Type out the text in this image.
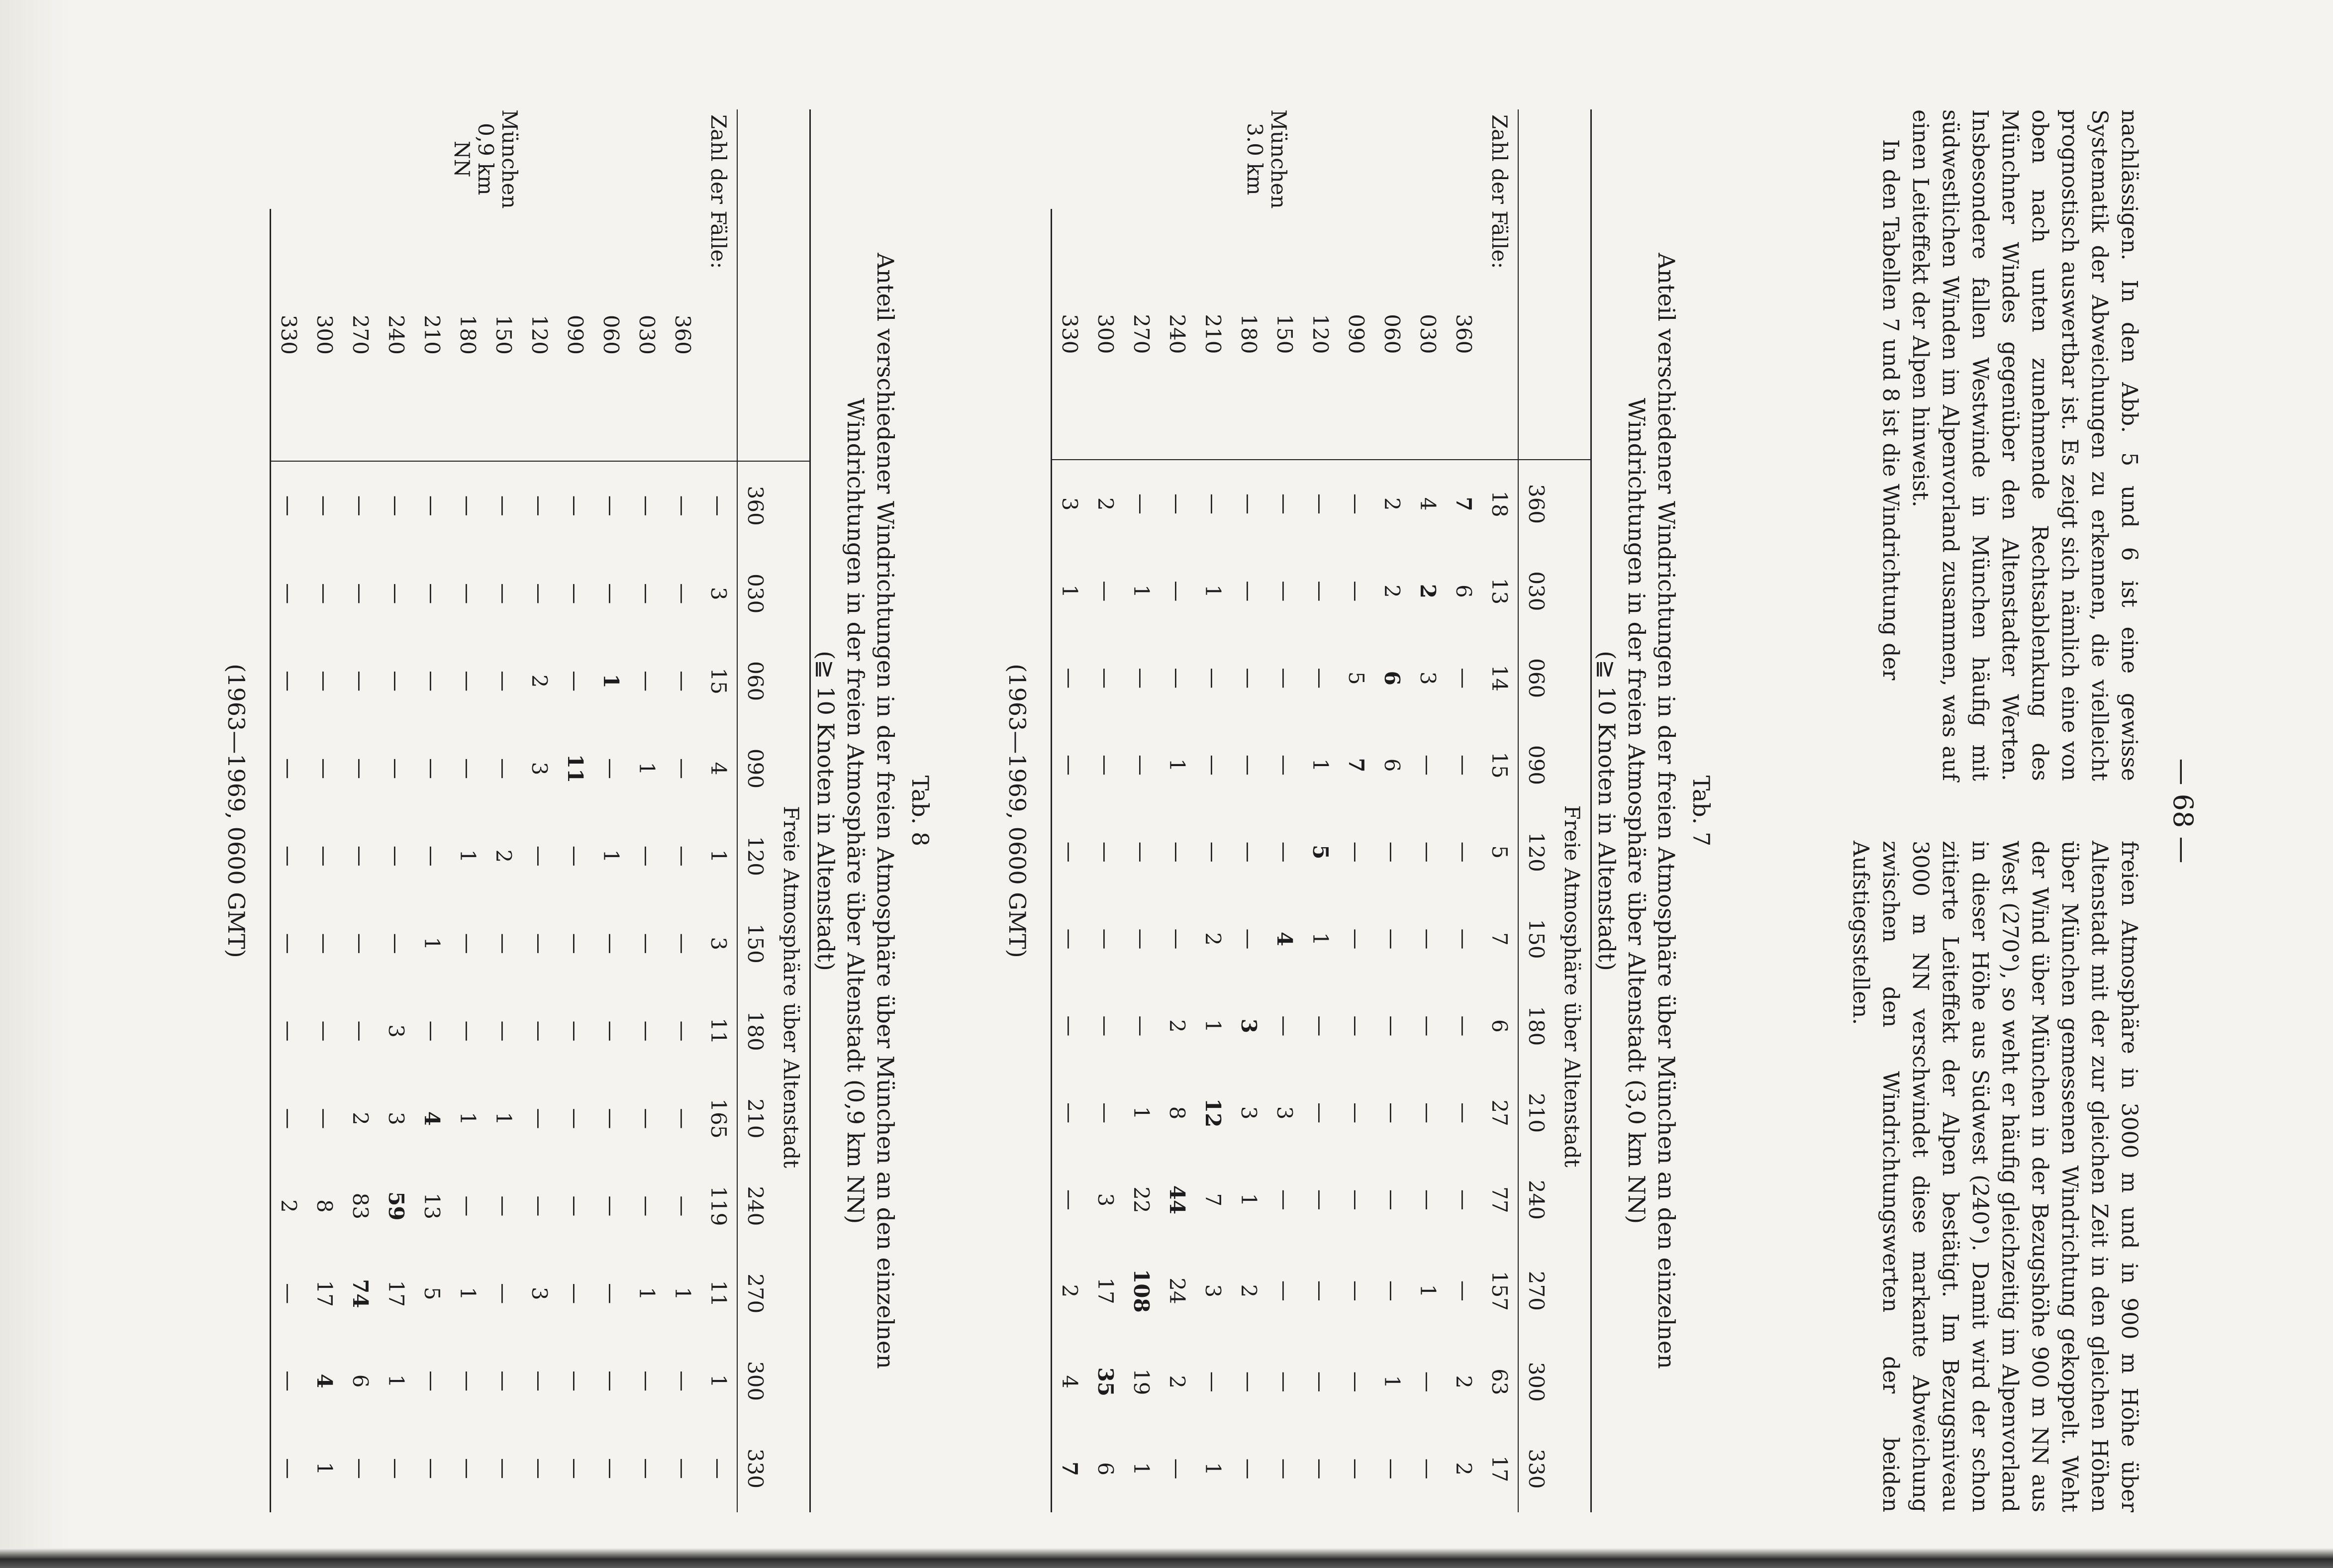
— 68 —

nachlässigen. In den Abb. 5 und 6 ist eine gewisse Systematik der Abweichungen zu erkennen, die vielleicht prognostisch auswertbar ist. Es zeigt sich nämlich eine von oben nach unten zunehmende Rechtsablenkung des Münchner Windes gegenüber den Altenstadter Werten. Insbesondere fallen Westwinde in München häufig mit südwestlichen Winden im Alpenvorland zusammen, was auf einen Leiteffekt der Alpen hinweist.

In den Tabellen 7 und 8 ist die Windrichtung der

freien Atmosphäre in 3000 m und in 900 m Höhe über Altenstadt mit der zur gleichen Zeit in den gleichen Höhen über München gemessenen Windrichtung gekoppelt. Weht der Wind über München in der Bezugshöhe 900 m NN aus West (270°), so weht er häufig gleichzeitig im Alpenvorland in dieser Höhe aus Südwest (240°). Damit wird der schon zitierte Leiteffekt der Alpen bestätigt. Im Bezugsniveau 3000 m NN verschwindet diese markante Abweichung zwischen den Windrichtungswerten der beiden Aufstiegsstellen.

Tab. 7
Anteil verschiedener Windrichtungen in der freien Atmosphäre über München an den einzelnen
Windrichtungen in der freien Atmosphäre über Altenstadt (3,0 km NN)
(≧ 10 Knoten in Altenstadt)
		Freie Atmosphäre über Altenstadt											
		360	030	060	090	120	150	180	210	240	270	300	330
Zahl der Fälle:		18	13	14	15	5	7	6	27	77	157	63	17

München
3.0 km	360	7	6	—	—	—	—	—	—	—	—	2	2
	030	4	2	3	—	—	—	—	—	—	1	—	—
	060	2	2	6	6	—	—	—	—	—	—	1	—
	090	—	—	5	7	—	—	—	—	—	—	—	—
	120	—	—	—	1	5	1	—	—	—	—	—	—
	150	—	—	—	—	—	4	—	3	—	—	—	—
	180	—	—	—	—	—	—	3	3	1	2	—	—
	210	—	1	—	—	—	2	1	12	7	3	—	1
	240	—	—	—	1	—	—	2	8	44	24	2	—
	270	—	1	—	—	—	—	—	1	22	108	19	1
	300	2	—	—	—	—	—	—	—	3	17	35	6
	330	3	1	—	—	—	—	—	—	—	2	4	7
(1963—1969, 0600 GMT)
Tab. 8
Anteil verschiedener Windrichtungen in der freien Atmosphäre über München an den einzelnen
Windrichtungen in der freien Atmosphäre über Altenstadt (0,9 km NN)
(≧ 10 Knoten in Altenstadt)
		Freie Atmosphäre über Altenstadt											
		360	030	060	090	120	150	180	210	240	270	300	330
Zahl der Fälle:		—	3	15	4	1	3	11	165	119	11	1	—

München
0,9 km NN	360	—	—	—	—	—	—	—	—	—	1	—	—
	030	—	—	—	1	—	—	—	—	—	1	—	—
	060	—	—	1	—	1	—	—	—	—	—	—	—
	090	—	—	—	11	—	—	—	—	—	—	—	—
	120	—	—	2	3	—	—	—	—	—	3	—	—
	150	—	—	—	—	2	—	—	1	—	—	—	—
	180	—	—	—	—	1	—	—	1	—	1	—	—
	210	—	—	—	—	—	1	—	4	13	5	—	—
	240	—	—	—	—	—	—	3	3	59	17	1	—
	270	—	—	—	—	—	—	—	2	83	74	6	—
	300	—	—	—	—	—	—	—	—	8	17	4	1
	330	—	—	—	—	—	—	—	—	2	—	—	—
(1963—1969, 0600 GMT)
